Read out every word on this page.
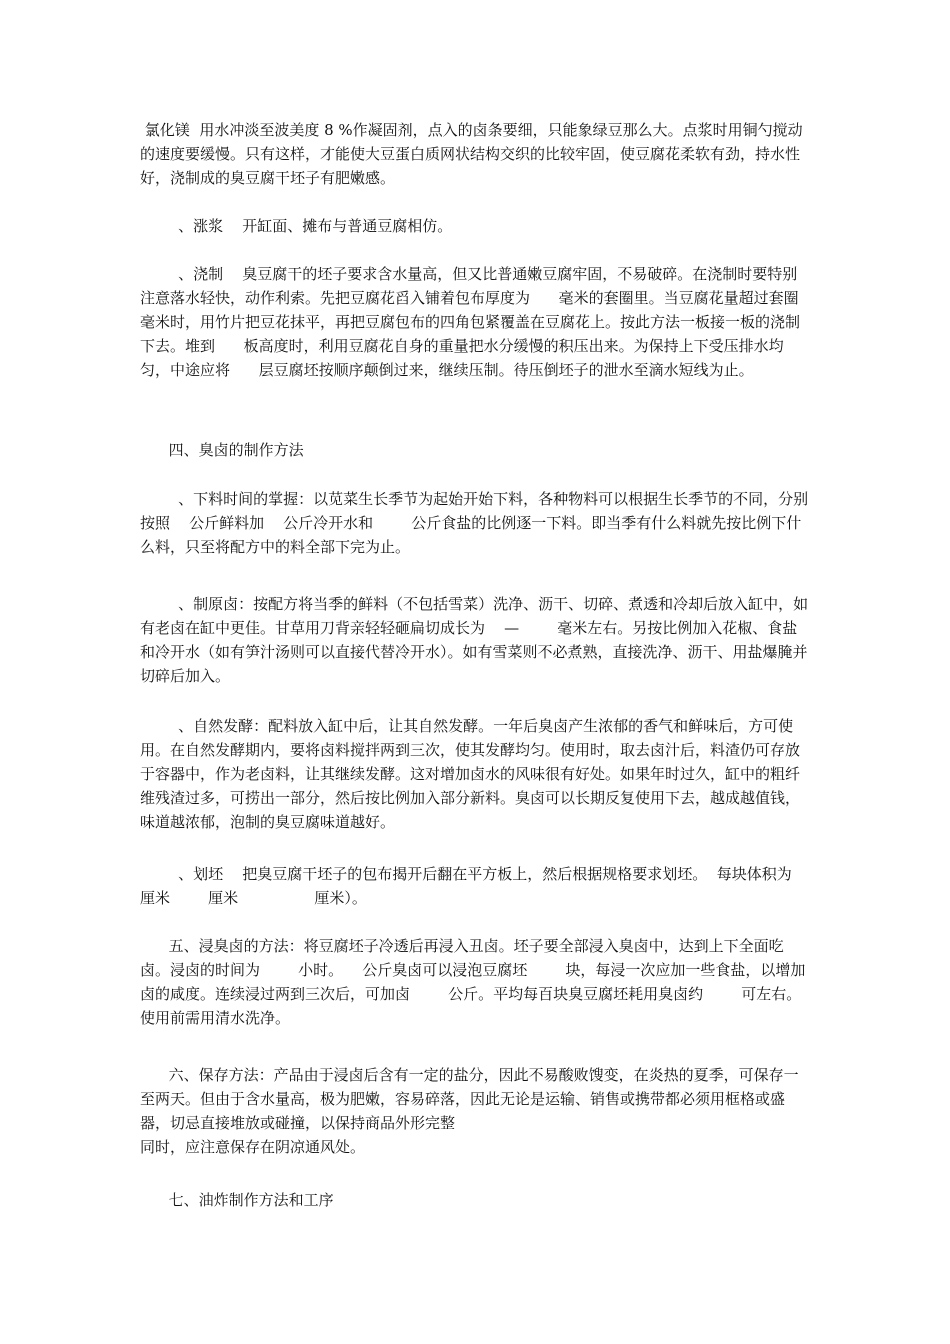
氯化镁  用水冲淡至波美度 8 %作凝固剂，点入的卤条要细，只能象绿豆那么大。点浆时用铜勺搅动的速度要缓慢。只有这样，才能使大豆蛋白质网状结构交织的比较牢固，使豆腐花柔软有劲，持水性好，浇制成的臭豆腐干坯子有肥嫩感。

、涨浆    开缸面、摊布与普通豆腐相仿。

、浇制    臭豆腐干的坯子要求含水量高，但又比普通嫩豆腐牢固，不易破碎。在浇制时要特别注意落水轻快，动作利索。先把豆腐花舀入铺着包布厚度为      毫米的套圈里。当豆腐花量超过套圈      毫米时，用竹片把豆花抹平，再把豆腐包布的四角包紧覆盖在豆腐花上。按此方法一板接一板的浇制下去。堆到      板高度时，利用豆腐花自身的重量把水分缓慢的积压出来。为保持上下受压排水均匀，中途应将      层豆腐坯按顺序颠倒过来，继续压制。待压倒坯子的泄水至滴水短线为止。

四、臭卤的制作方法

、下料时间的掌握：以苋菜生长季节为起始开始下料，各种物料可以根据生长季节的不同，分别按照    公斤鲜料加    公斤冷开水和        公斤食盐的比例逐一下料。即当季有什么料就先按比例下什么料，只至将配方中的料全部下完为止。

、制原卤：按配方将当季的鲜料（不包括雪菜）洗净、沥干、切碎、煮透和冷却后放入缸中，如有老卤在缸中更佳。甘草用刀背亲轻轻砸扁切成长为    —        毫米左右。另按比例加入花椒、食盐和冷开水（如有笋汁汤则可以直接代替冷开水）。如有雪菜则不必煮熟，直接洗净、沥干、用盐爆腌并切碎后加入。

、自然发酵：配料放入缸中后，让其自然发酵。一年后臭卤产生浓郁的香气和鲜味后，方可使用。在自然发酵期内，要将卤料搅拌两到三次，使其发酵均匀。使用时，取去卤汁后，料渣仍可存放于容器中，作为老卤料，让其继续发酵。这对增加卤水的风味很有好处。如果年时过久，缸中的粗纤维残渣过多，可捞出一部分，然后按比例加入部分新料。臭卤可以长期反复使用下去，越成越值钱，味道越浓郁，泡制的臭豆腐味道越好。

、划坯    把臭豆腐干坯子的包布揭开后翻在平方板上，然后根据规格要求划坯。  每块体积为        厘米        厘米                厘米）。

五、浸臭卤的方法：将豆腐坯子冷透后再浸入丑卤。坯子要全部浸入臭卤中，达到上下全面吃卤。浸卤的时间为        小时。    公斤臭卤可以浸泡豆腐坯        块，每浸一次应加一些食盐，以增加卤的咸度。连续浸过两到三次后，可加卤        公斤。平均每百块臭豆腐坯耗用臭卤约        可左右。使用前需用清水洗净。

六、保存方法：产品由于浸卤后含有一定的盐分，因此不易酸败馊变，在炎热的夏季，可保存一至两天。但由于含水量高，极为肥嫩，容易碎落，因此无论是运输、销售或携带都必须用框格或盛器，切忌直接堆放或碰撞，以保持商品外形完整
同时，应注意保存在阴凉通风处。

七、油炸制作方法和工序
